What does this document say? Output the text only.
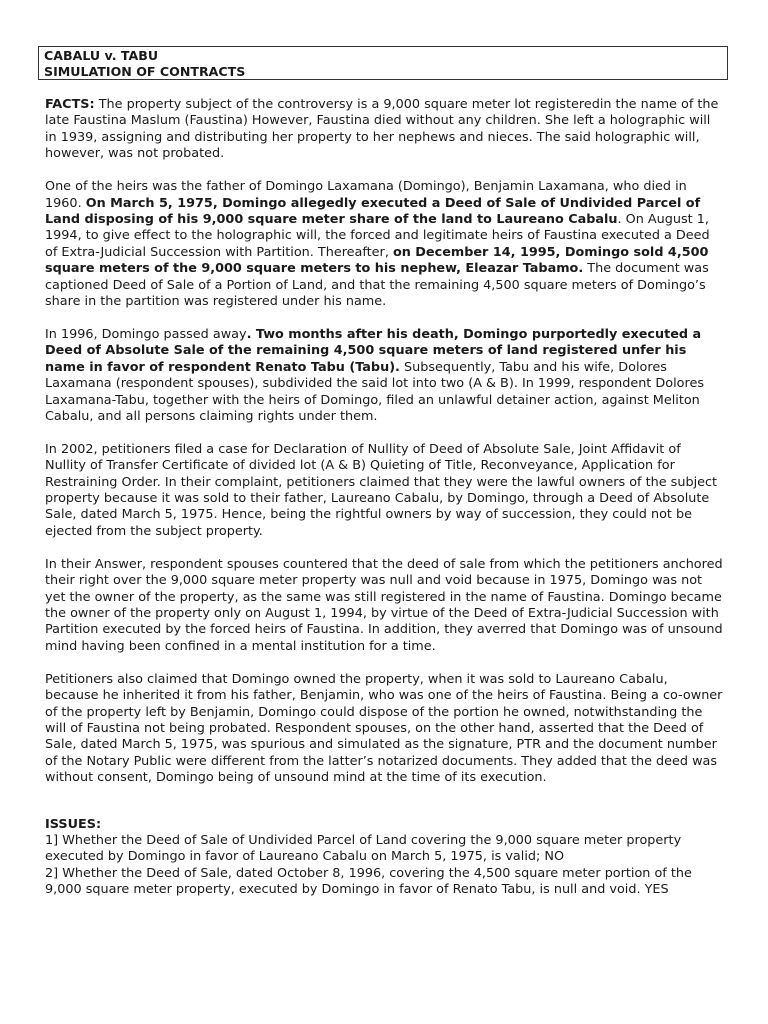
CABALU v. TABU
SIMULATION OF CONTRACTS

FACTS: The property subject of the controversy is a 9,000 square meter lot registeredin the name of the late Faustina Maslum (Faustina) However, Faustina died without any children. She left a holographic will in 1939, assigning and distributing her property to her nephews and nieces. The said holographic will, however, was not probated.

One of the heirs was the father of Domingo Laxamana (Domingo), Benjamin Laxamana, who died in 1960. On March 5, 1975, Domingo allegedly executed a Deed of Sale of Undivided Parcel of Land disposing of his 9,000 square meter share of the land to Laureano Cabalu. On August 1, 1994, to give effect to the holographic will, the forced and legitimate heirs of Faustina executed a Deed of Extra-Judicial Succession with Partition. Thereafter, on December 14, 1995, Domingo sold 4,500 square meters of the 9,000 square meters to his nephew, Eleazar Tabamo. The document was captioned Deed of Sale of a Portion of Land, and that the remaining 4,500 square meters of Domingo’s share in the partition was registered under his name.

In 1996, Domingo passed away. Two months after his death, Domingo purportedly executed a Deed of Absolute Sale of the remaining 4,500 square meters of land registered unfer his name in favor of respondent Renato Tabu (Tabu). Subsequently, Tabu and his wife, Dolores Laxamana (respondent spouses), subdivided the said lot into two (A & B). In 1999, respondent Dolores Laxamana-Tabu, together with the heirs of Domingo, filed an unlawful detainer action, against Meliton Cabalu, and all persons claiming rights under them.

In 2002, petitioners filed a case for Declaration of Nullity of Deed of Absolute Sale, Joint Affidavit of Nullity of Transfer Certificate of divided lot (A & B) Quieting of Title, Reconveyance, Application for Restraining Order. In their complaint, petitioners claimed that they were the lawful owners of the subject property because it was sold to their father, Laureano Cabalu, by Domingo, through a Deed of Absolute Sale, dated March 5, 1975. Hence, being the rightful owners by way of succession, they could not be ejected from the subject property.

In their Answer, respondent spouses countered that the deed of sale from which the petitioners anchored their right over the 9,000 square meter property was null and void because in 1975, Domingo was not yet the owner of the property, as the same was still registered in the name of Faustina. Domingo became the owner of the property only on August 1, 1994, by virtue of the Deed of Extra-Judicial Succession with Partition executed by the forced heirs of Faustina. In addition, they averred that Domingo was of unsound mind having been confined in a mental institution for a time.

Petitioners also claimed that Domingo owned the property, when it was sold to Laureano Cabalu, because he inherited it from his father, Benjamin, who was one of the heirs of Faustina. Being a co-owner of the property left by Benjamin, Domingo could dispose of the portion he owned, notwithstanding the will of Faustina not being probated. Respondent spouses, on the other hand, asserted that the Deed of Sale, dated March 5, 1975, was spurious and simulated as the signature, PTR and the document number of the Notary Public were different from the latter’s notarized documents. They added that the deed was without consent, Domingo being of unsound mind at the time of its execution.

ISSUES:
1] Whether the Deed of Sale of Undivided Parcel of Land covering the 9,000 square meter property executed by Domingo in favor of Laureano Cabalu on March 5, 1975, is valid; NO
2] Whether the Deed of Sale, dated October 8, 1996, covering the 4,500 square meter portion of the 9,000 square meter property, executed by Domingo in favor of Renato Tabu, is null and void. YES
